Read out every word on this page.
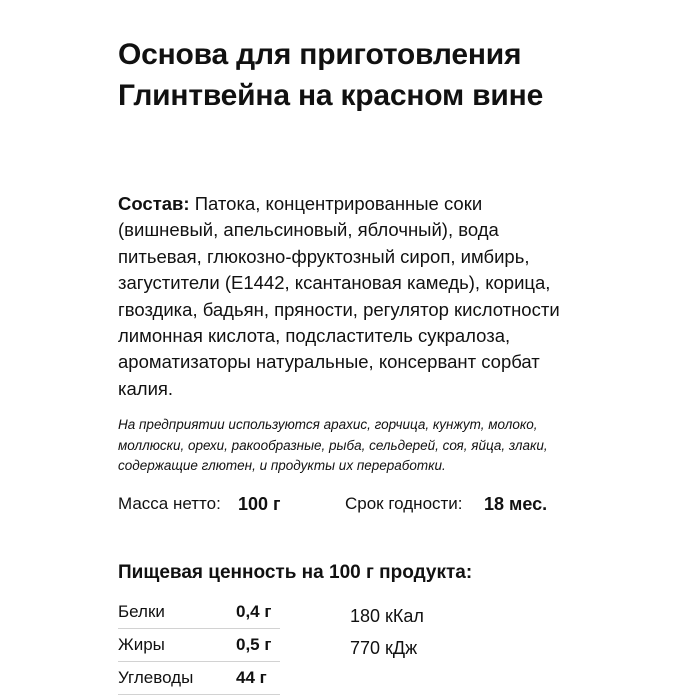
Основа для приготовления Глинтвейна на красном вине

Состав: Патока, концентрированные соки (вишневый, апельсиновый, яблочный), вода питьевая, глюкозно-фруктозный сироп, имбирь, загустители (Е1442, ксантановая камедь), корица, гвоздика, бадьян, пряности, регулятор кислотности лимонная кислота, подсластитель сукралоза, ароматизаторы натуральные, консервант сорбат калия.

На предприятии используются арахис, горчица, кунжут, молоко, моллюски, орехи, ракообразные, рыба, сельдерей, соя, яйца, злаки, содержащие глютен, и продукты их переработки.

Масса нетто: 100 г	Срок годности: 18 мес.
Пищевая ценность на 100 г продукта:
Белки	0,4 г
Жиры	0,5 г
Углеводы	44 г
180 кКал
770 кДж
